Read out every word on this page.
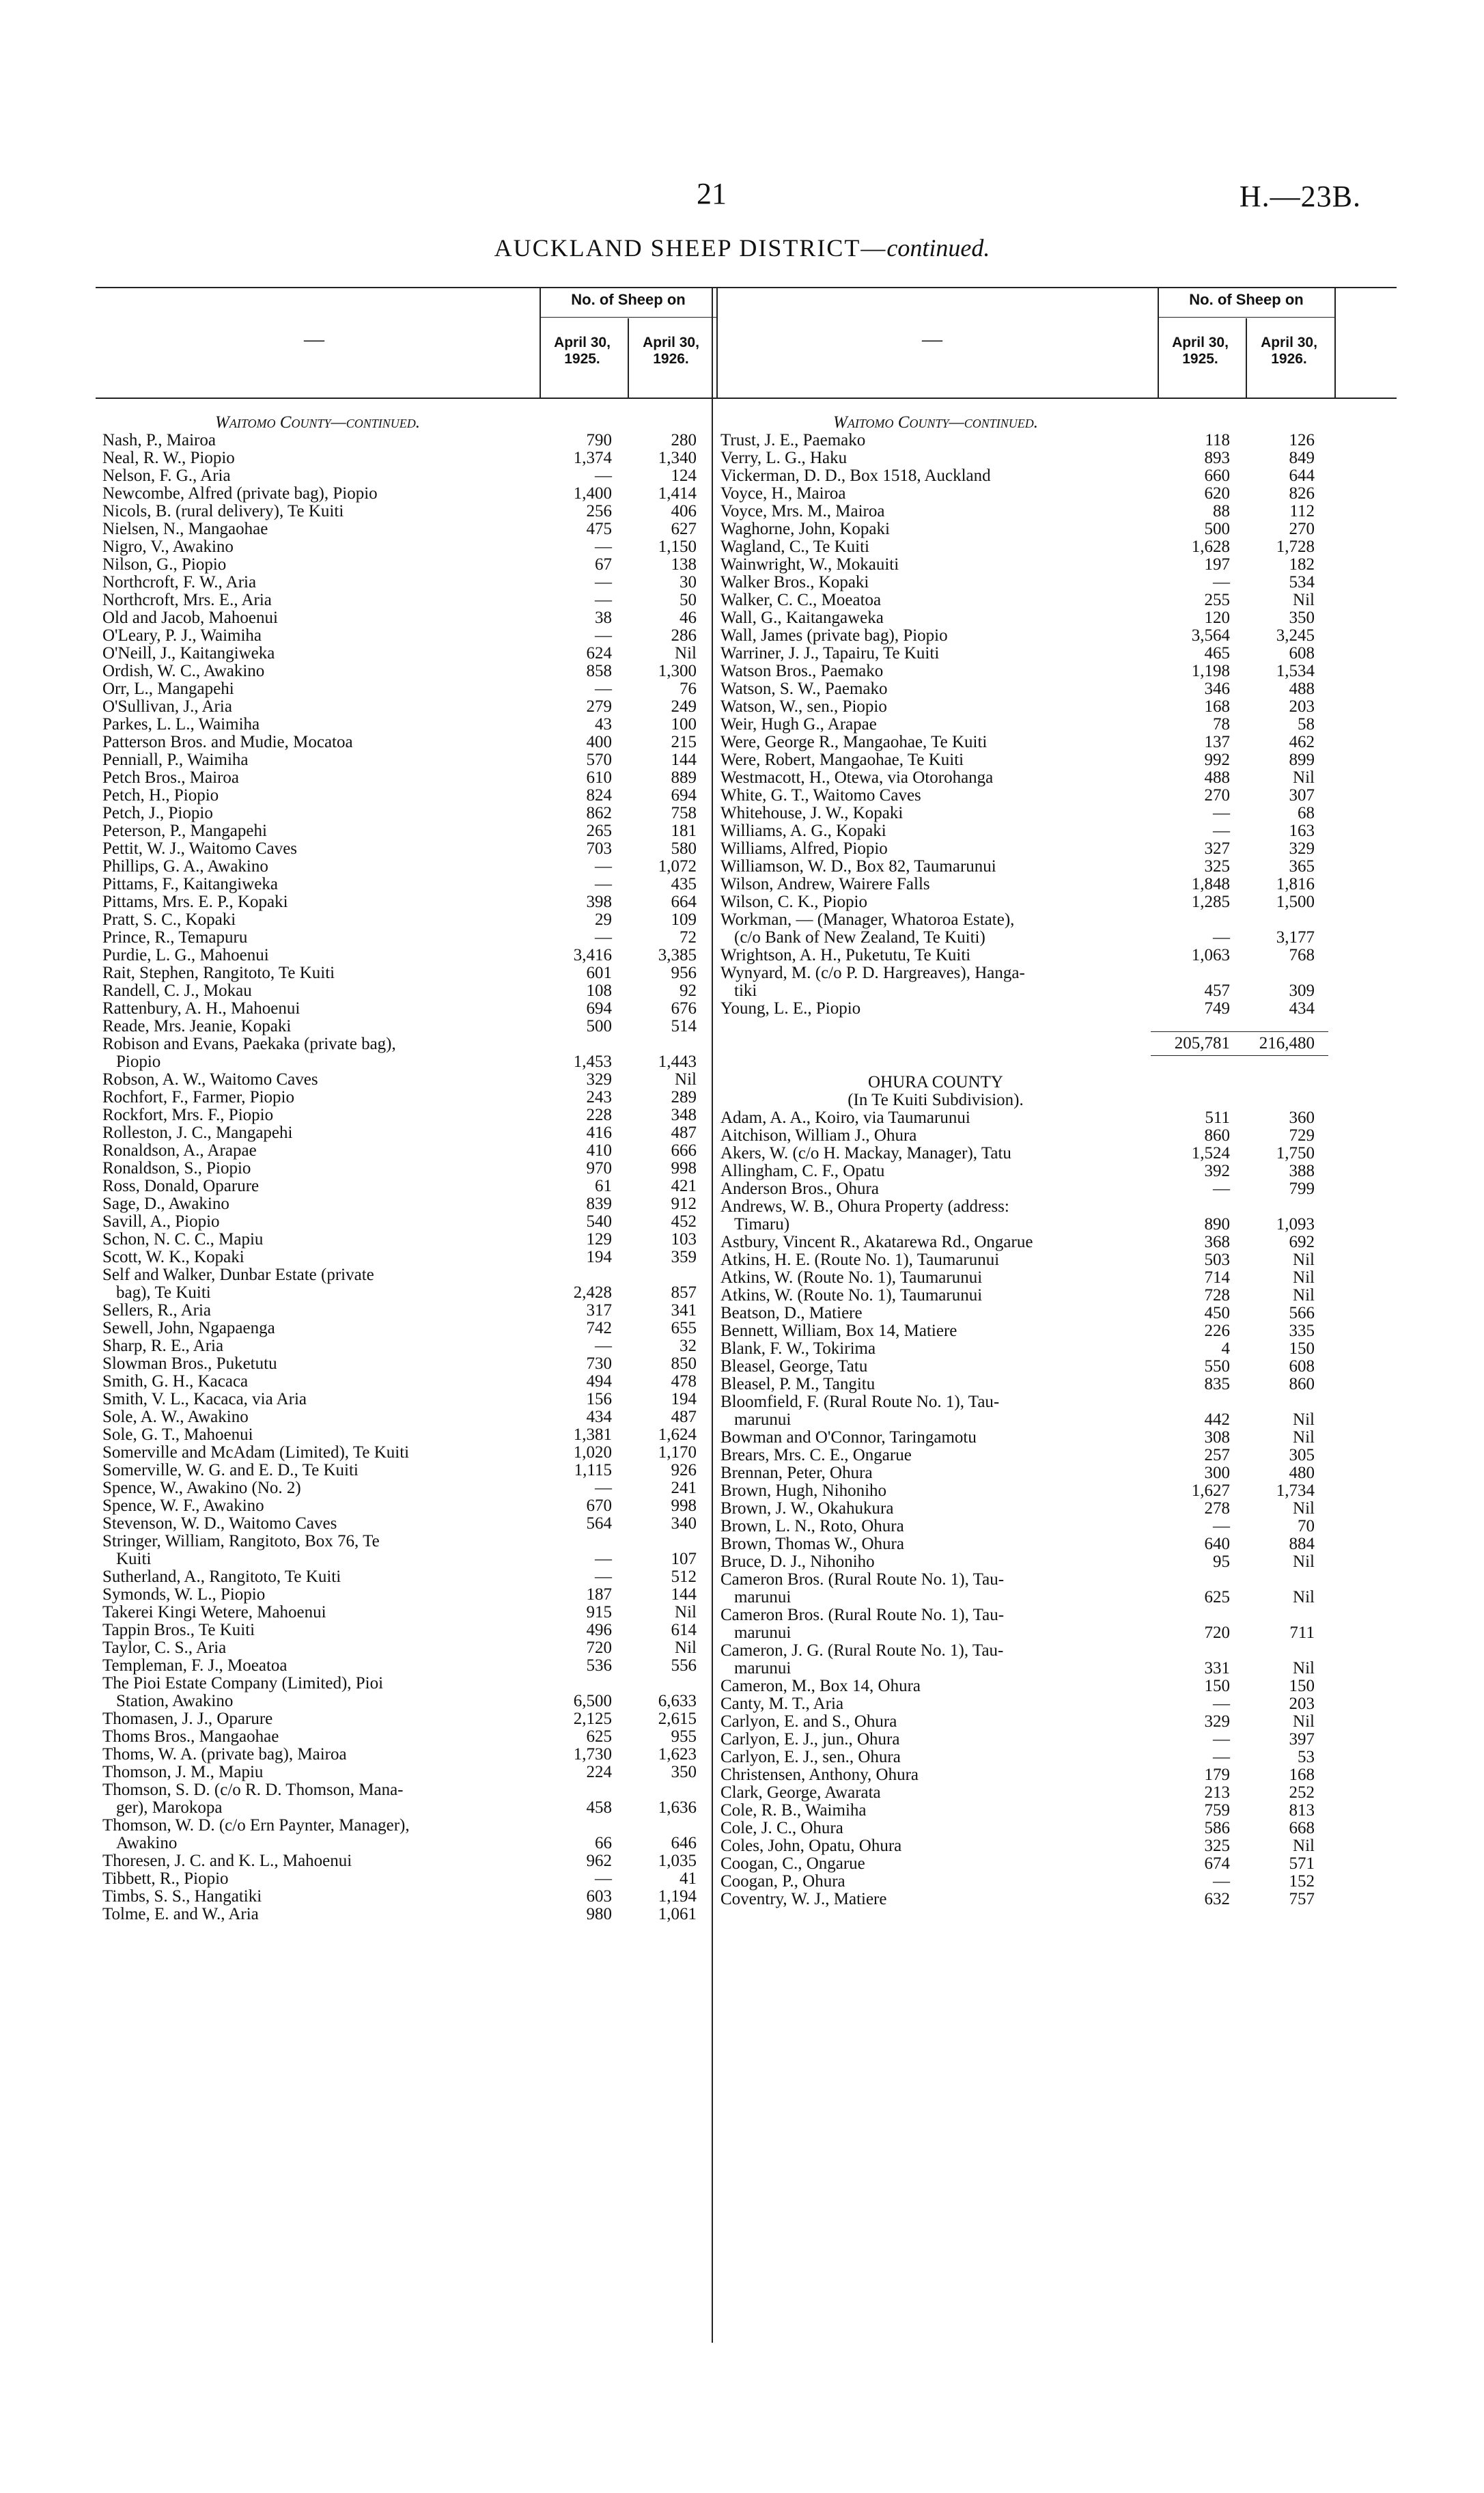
21	H.—23B.
AUCKLAND SHEEP DISTRICT—continued.
—
No. of Sheep on
April 30, 1925.
April 30, 1926.
Waitomo County—continued.
Nash, P., Mairoa	790	280
Neal, R. W., Piopio	1,374	1,340
Nelson, F. G., Aria	—	124
Newcombe, Alfred (private bag), Piopio	1,400	1,414
Nicols, B. (rural delivery), Te Kuiti	256	406
Nielsen, N., Mangaohae	475	627
Nigro, V., Awakino	—	1,150
Nilson, G., Piopio	67	138
Northcroft, F. W., Aria	—	30
Northcroft, Mrs. E., Aria	—	50
Old and Jacob, Mahoenui	38	46
O'Leary, P. J., Waimiha	—	286
O'Neill, J., Kaitangiweka	624	Nil
Ordish, W. C., Awakino	858	1,300
Orr, L., Mangapehi	—	76
O'Sullivan, J., Aria	279	249
Parkes, L. L., Waimiha	43	100
Patterson Bros. and Mudie, Mocatoa	400	215
Penniall, P., Waimiha	570	144
Petch Bros., Mairoa	610	889
Petch, H., Piopio	824	694
Petch, J., Piopio	862	758
Peterson, P., Mangapehi	265	181
Pettit, W. J., Waitomo Caves	703	580
Phillips, G. A., Awakino	—	1,072
Pittams, F., Kaitangiweka	—	435
Pittams, Mrs. E. P., Kopaki	398	664
Pratt, S. C., Kopaki	29	109
Prince, R., Temapuru	—	72
Purdie, L. G., Mahoenui	3,416	3,385
Rait, Stephen, Rangitoto, Te Kuiti	601	956
Randell, C. J., Mokau	108	92
Rattenbury, A. H., Mahoenui	694	676
Reade, Mrs. Jeanie, Kopaki	500	514
Robison and Evans, Paekaka (private bag),
Piopio	1,453	1,443
Robson, A. W., Waitomo Caves	329	Nil
Rochfort, F., Farmer, Piopio	243	289
Rockfort, Mrs. F., Piopio	228	348
Rolleston, J. C., Mangapehi	416	487
Ronaldson, A., Arapae	410	666
Ronaldson, S., Piopio	970	998
Ross, Donald, Oparure	61	421
Sage, D., Awakino	839	912
Savill, A., Piopio	540	452
Schon, N. C. C., Mapiu	129	103
Scott, W. K., Kopaki	194	359
Self and Walker, Dunbar Estate (private
bag), Te Kuiti	2,428	857
Sellers, R., Aria	317	341
Sewell, John, Ngapaenga	742	655
Sharp, R. E., Aria	—	32
Slowman Bros., Puketutu	730	850
Smith, G. H., Kacaca	494	478
Smith, V. L., Kacaca, via Aria	156	194
Sole, A. W., Awakino	434	487
Sole, G. T., Mahoenui	1,381	1,624
Somerville and McAdam (Limited), Te Kuiti	1,020	1,170
Somerville, W. G. and E. D., Te Kuiti	1,115	926
Spence, W., Awakino (No. 2)	—	241
Spence, W. F., Awakino	670	998
Stevenson, W. D., Waitomo Caves	564	340
Stringer, William, Rangitoto, Box 76, Te
Kuiti	—	107
Sutherland, A., Rangitoto, Te Kuiti	—	512
Symonds, W. L., Piopio	187	144
Takerei Kingi Wetere, Mahoenui	915	Nil
Tappin Bros., Te Kuiti	496	614
Taylor, C. S., Aria	720	Nil
Templeman, F. J., Moeatoa	536	556
The Pioi Estate Company (Limited), Pioi
Station, Awakino	6,500	6,633
Thomasen, J. J., Oparure	2,125	2,615
Thoms Bros., Mangaohae	625	955
Thoms, W. A. (private bag), Mairoa	1,730	1,623
Thomson, J. M., Mapiu	224	350
Thomson, S. D. (c/o R. D. Thomson, Mana-
ger), Marokopa	458	1,636
Thomson, W. D. (c/o Ern Paynter, Manager),
Awakino	66	646
Thoresen, J. C. and K. L., Mahoenui	962	1,035
Tibbett, R., Piopio	—	41
Timbs, S. S., Hangatiki	603	1,194
Tolme, E. and W., Aria	980	1,061
—
No. of Sheep on
April 30, 1925.
April 30, 1926.
Waitomo County—continued.
Trust, J. E., Paemako	118	126
Verry, L. G., Haku	893	849
Vickerman, D. D., Box 1518, Auckland	660	644
Voyce, H., Mairoa	620	826
Voyce, Mrs. M., Mairoa	88	112
Waghorne, John, Kopaki	500	270
Wagland, C., Te Kuiti	1,628	1,728
Wainwright, W., Mokauiti	197	182
Walker Bros., Kopaki	—	534
Walker, C. C., Moeatoa	255	Nil
Wall, G., Kaitangaweka	120	350
Wall, James (private bag), Piopio	3,564	3,245
Warriner, J. J., Tapairu, Te Kuiti	465	608
Watson Bros., Paemako	1,198	1,534
Watson, S. W., Paemako	346	488
Watson, W., sen., Piopio	168	203
Weir, Hugh G., Arapae	78	58
Were, George R., Mangaohae, Te Kuiti	137	462
Were, Robert, Mangaohae, Te Kuiti	992	899
Westmacott, H., Otewa, via Otorohanga	488	Nil
White, G. T., Waitomo Caves	270	307
Whitehouse, J. W., Kopaki	—	68
Williams, A. G., Kopaki	—	163
Williams, Alfred, Piopio	327	329
Williamson, W. D., Box 82, Taumarunui	325	365
Wilson, Andrew, Wairere Falls	1,848	1,816
Wilson, C. K., Piopio	1,285	1,500
Workman, — (Manager, Whatoroa Estate),
(c/o Bank of New Zealand, Te Kuiti)	—	3,177
Wrightson, A. H., Puketutu, Te Kuiti	1,063	768
Wynyard, M. (c/o P. D. Hargreaves), Hanga-
tiki	457	309
Young, L. E., Piopio	749	434
205,781	216,480
OHURA COUNTY
(In Te Kuiti Subdivision).
Adam, A. A., Koiro, via Taumarunui	511	360
Aitchison, William J., Ohura	860	729
Akers, W. (c/o H. Mackay, Manager), Tatu	1,524	1,750
Allingham, C. F., Opatu	392	388
Anderson Bros., Ohura	—	799
Andrews, W. B., Ohura Property (address:
Timaru)	890	1,093
Astbury, Vincent R., Akatarewa Rd., Ongarue	368	692
Atkins, H. E. (Route No. 1), Taumarunui	503	Nil
Atkins, W. (Route No. 1), Taumarunui	714	Nil
Atkins, W. (Route No. 1), Taumarunui	728	Nil
Beatson, D., Matiere	450	566
Bennett, William, Box 14, Matiere	226	335
Blank, F. W., Tokirima	4	150
Bleasel, George, Tatu	550	608
Bleasel, P. M., Tangitu	835	860
Bloomfield, F. (Rural Route No. 1), Tau-
marunui	442	Nil
Bowman and O'Connor, Taringamotu	308	Nil
Brears, Mrs. C. E., Ongarue	257	305
Brennan, Peter, Ohura	300	480
Brown, Hugh, Nihoniho	1,627	1,734
Brown, J. W., Okahukura	278	Nil
Brown, L. N., Roto, Ohura	—	70
Brown, Thomas W., Ohura	640	884
Bruce, D. J., Nihoniho	95	Nil
Cameron Bros. (Rural Route No. 1), Tau-
marunui	625	Nil
Cameron Bros. (Rural Route No. 1), Tau-
marunui	720	711
Cameron, J. G. (Rural Route No. 1), Tau-
marunui	331	Nil
Cameron, M., Box 14, Ohura	150	150
Canty, M. T., Aria	—	203
Carlyon, E. and S., Ohura	329	Nil
Carlyon, E. J., jun., Ohura	—	397
Carlyon, E. J., sen., Ohura	—	53
Christensen, Anthony, Ohura	179	168
Clark, George, Awarata	213	252
Cole, R. B., Waimiha	759	813
Cole, J. C., Ohura	586	668
Coles, John, Opatu, Ohura	325	Nil
Coogan, C., Ongarue	674	571
Coogan, P., Ohura	—	152
Coventry, W. J., Matiere	632	757
